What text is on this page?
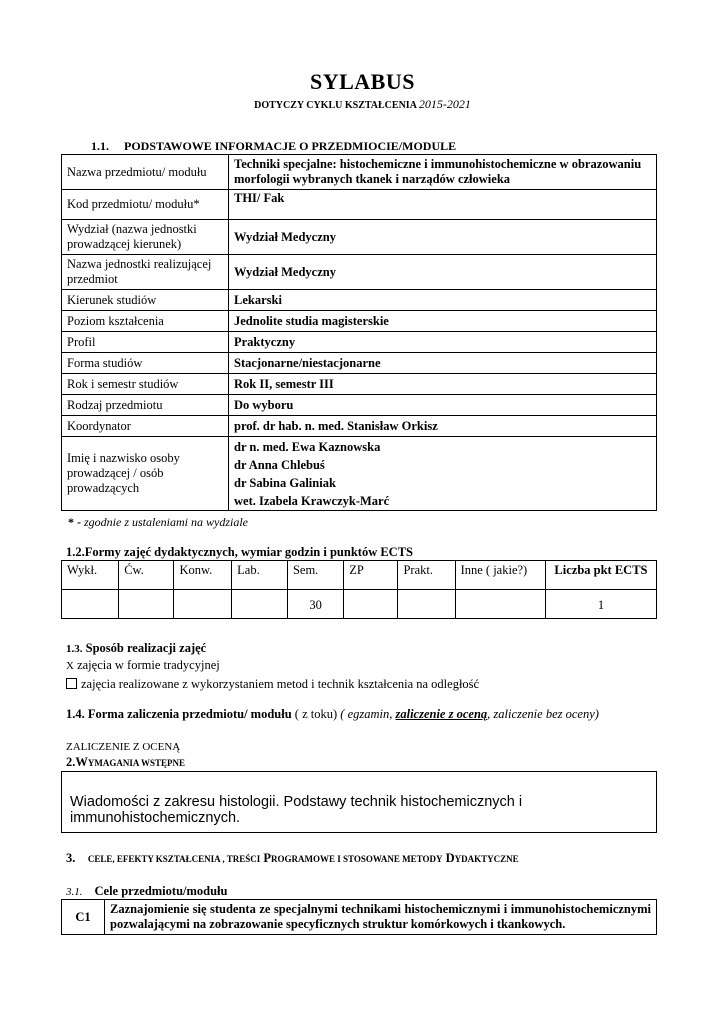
SYLABUS
DOTYCZY CYKLU KSZTAŁCENIA 2015-2021
1.1. PODSTAWOWE INFORMACJE O PRZEDMIOCIE/MODULE
Nazwa przedmiotu/ modułu	Techniki specjalne: histochemiczne i immunohistochemiczne w obrazowaniu morfologii wybranych tkanek i narządów człowieka
Kod przedmiotu/ modułu*	THI/ Fak
Wydział (nazwa jednostki prowadzącej kierunek)	Wydział Medyczny
Nazwa jednostki realizującej przedmiot	Wydział Medyczny
Kierunek studiów	Lekarski
Poziom kształcenia	Jednolite studia magisterskie
Profil	Praktyczny
Forma studiów	Stacjonarne/niestacjonarne
Rok i semestr studiów	Rok II, semestr III
Rodzaj przedmiotu	Do wyboru
Koordynator	prof. dr hab. n. med. Stanisław Orkisz
Imię i nazwisko osoby prowadzącej / osób prowadzących	dr n. med. Ewa Kaznowska
dr Anna Chlebuś
dr Sabina Galiniak
wet. Izabela Krawczyk-Marć
* - zgodnie z ustaleniami na wydziale
1.2.Formy zajęć dydaktycznych, wymiar godzin i punktów ECTS
Wykł.	Ćw.	Konw.	Lab.	Sem.	ZP	Prakt.	Inne ( jakie?)	Liczba pkt ECTS
				30				1
1.3. Sposób realizacji zajęć
X zajęcia w formie tradycyjnej
zajęcia realizowane z wykorzystaniem metod i technik kształcenia na odległość
1.4. Forma zaliczenia przedmiotu/ modułu ( z toku) ( egzamin, zaliczenie z oceną, zaliczenie bez oceny)
ZALICZENIE Z OCENĄ
2.WYMAGANIA WSTĘPNE
Wiadomości z zakresu histologii. Podstawy technik histochemicznych i immunohistochemicznych.
3. CELE, EFEKTY KSZTAŁCENIA , TREŚCI PROGRAMOWE I STOSOWANE METODY DYDAKTYCZNE
3.1. Cele przedmiotu/modułu
C1	Zaznajomienie się studenta ze specjalnymi technikami histochemicznymi i immunohistochemicznymi pozwalającymi na zobrazowanie specyficznych struktur komórkowych i tkankowych.
